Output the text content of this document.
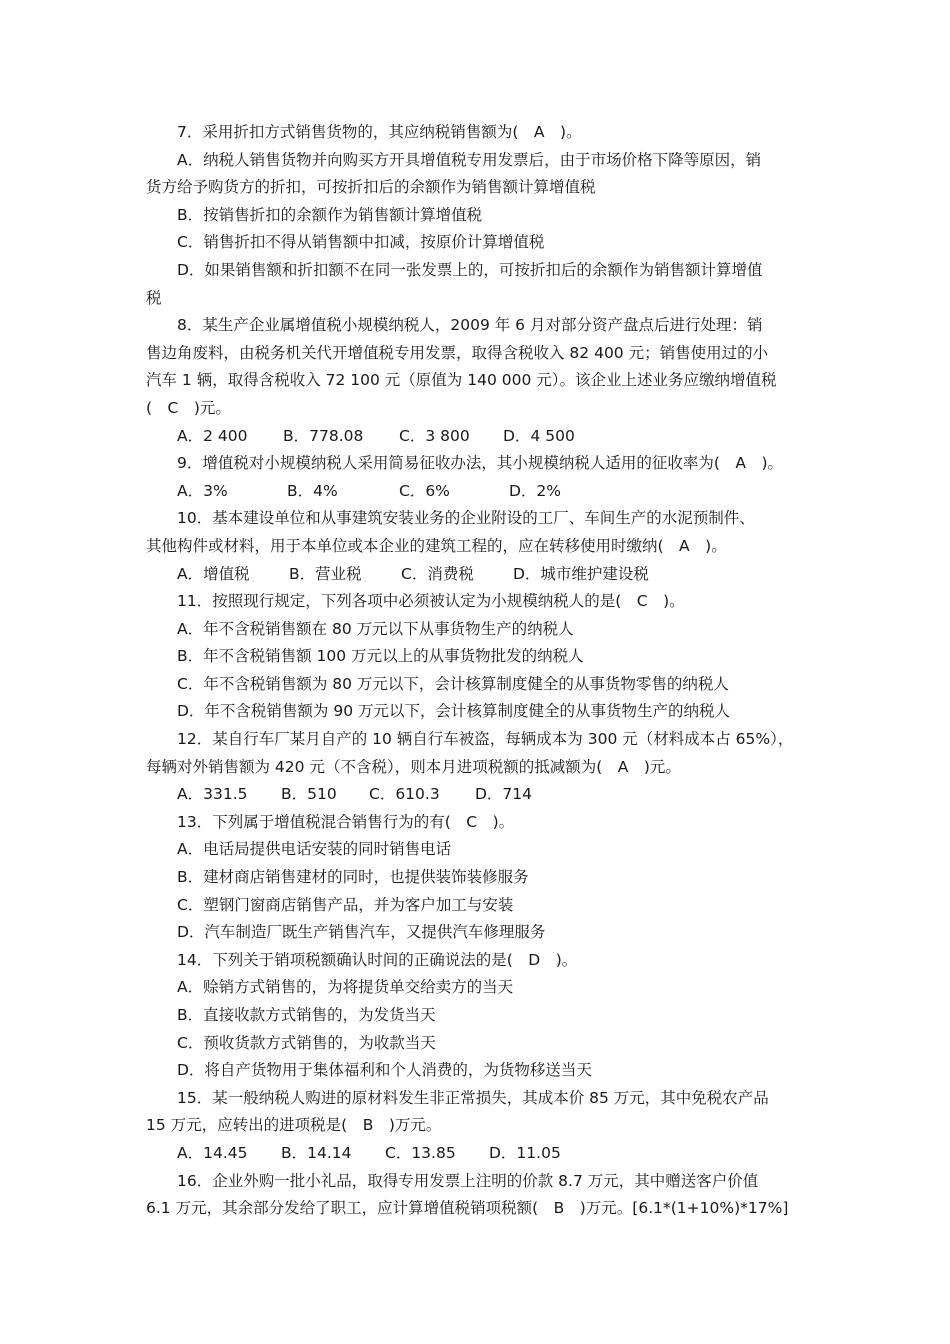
7．采用折扣方式销售货物的，其应纳税销售额为(　A　)。
A．纳税人销售货物并向购买方开具增值税专用发票后，由于市场价格下降等原因，销
货方给予购货方的折扣，可按折扣后的余额作为销售额计算增值税
B．按销售折扣的余额作为销售额计算增值税
C．销售折扣不得从销售额中扣减，按原价计算增值税
D．如果销售额和折扣额不在同一张发票上的，可按折扣后的余额作为销售额计算增值
税
8．某生产企业属增值税小规模纳税人，2009 年 6 月对部分资产盘点后进行处理：销
售边角废料，由税务机关代开增值税专用发票，取得含税收入 82 400 元；销售使用过的小
汽车 1 辆，取得含税收入 72 100 元（原值为 140 000 元）。该企业上述业务应缴纳增值税
(　C　)元。
A．2 400	B．778.08	C．3 800	D．4 500
9．增值税对小规模纳税人采用简易征收办法，其小规模纳税人适用的征收率为(　A　)。
A．3%	B．4%	C．6%	D．2%
10．基本建设单位和从事建筑安装业务的企业附设的工厂、车间生产的水泥预制件、
其他构件或材料，用于本单位或本企业的建筑工程的，应在转移使用时缴纳(　A　)。
A．增值税	B．营业税	C．消费税	D．城市维护建设税
11．按照现行规定，下列各项中必须被认定为小规模纳税人的是(　C　)。
A．年不含税销售额在 80 万元以下从事货物生产的纳税人
B．年不含税销售额 100 万元以上的从事货物批发的纳税人
C．年不含税销售额为 80 万元以下，会计核算制度健全的从事货物零售的纳税人
D．年不含税销售额为 90 万元以下，会计核算制度健全的从事货物生产的纳税人
12．某自行车厂某月自产的 10 辆自行车被盗，每辆成本为 300 元（材料成本占 65%），
每辆对外销售额为 420 元（不含税），则本月进项税额的抵减额为(　A　)元。
A．331.5	B．510	C．610.3	D．714
13．下列属于增值税混合销售行为的有(　C　)。
A．电话局提供电话安装的同时销售电话
B．建材商店销售建材的同时，也提供装饰装修服务
C．塑钢门窗商店销售产品，并为客户加工与安装
D．汽车制造厂既生产销售汽车，又提供汽车修理服务
14．下列关于销项税额确认时间的正确说法的是(　D　)。
A．赊销方式销售的，为将提货单交给卖方的当天
B．直接收款方式销售的，为发货当天
C．预收货款方式销售的，为收款当天
D．将自产货物用于集体福利和个人消费的，为货物移送当天
15．某一般纳税人购进的原材料发生非正常损失，其成本价 85 万元，其中免税农产品
15 万元，应转出的进项税是(　B　)万元。
A．14.45	B．14.14	C．13.85	D．11.05
16．企业外购一批小礼品，取得专用发票上注明的价款 8.7 万元，其中赠送客户价值
6.1 万元，其余部分发给了职工，应计算增值税销项税额(　B　)万元。[6.1*(1+10%)*17%]
